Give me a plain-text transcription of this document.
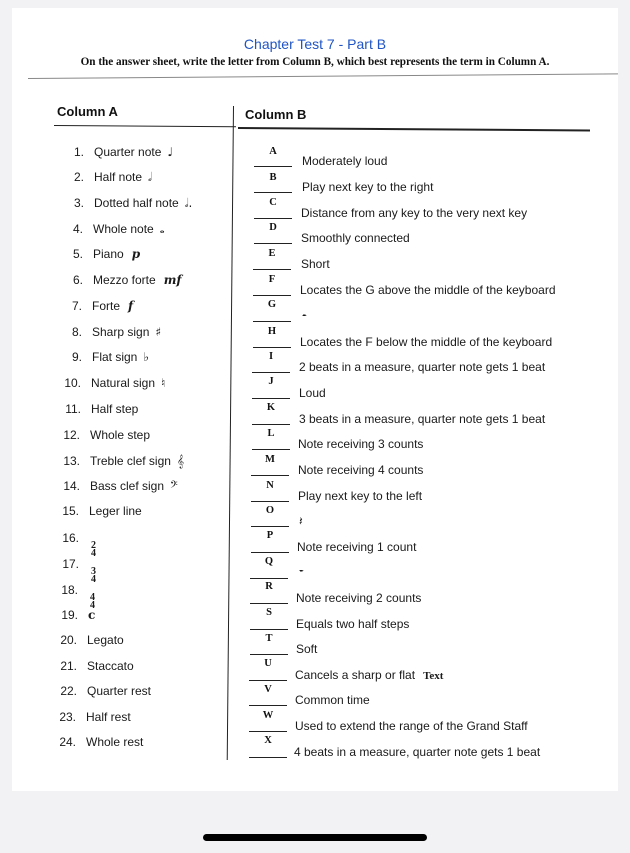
Chapter Test 7 - Part B
On the answer sheet, write the letter from Column B, which best represents the term in Column A.
Column A	Column B
1. Quarter note ♩
2. Half note 𝅗𝅥
3. Dotted half note 𝅗𝅥.
4. Whole note 𝅝
5. Piano p
6. Mezzo forte mf
7. Forte f
8. Sharp sign ♯
9. Flat sign ♭
10. Natural sign ♮
11. Half step
12. Whole step
13. Treble clef sign 𝄞
14. Bass clef sign 𝄢
15. Leger line
16.
2
4
17.
3
4
18.
4
4
19. c
20. Legato
21. Staccato
22. Quarter rest
23. Half rest
24. Whole rest
A
Moderately loud
B
Play next key to the right
C
Distance from any key to the very next key
D
Smoothly connected
E
Short
F
Locates the G above the middle of the keyboard
G
𝄼
H
Locates the F below the middle of the keyboard
I
2 beats in a measure, quarter note gets 1 beat
J
Loud
K
3 beats in a measure, quarter note gets 1 beat
L
Note receiving 3 counts
M
Note receiving 4 counts
N
Play next key to the left
O
𝄽
P
Note receiving 1 count
Q
𝄻
R
Note receiving 2 counts
S
Equals two half steps
T
Soft
U
Cancels a sharp or flat Text
V
Common time
W
Used to extend the range of the Grand Staff
X
4 beats in a measure, quarter note gets 1 beat
